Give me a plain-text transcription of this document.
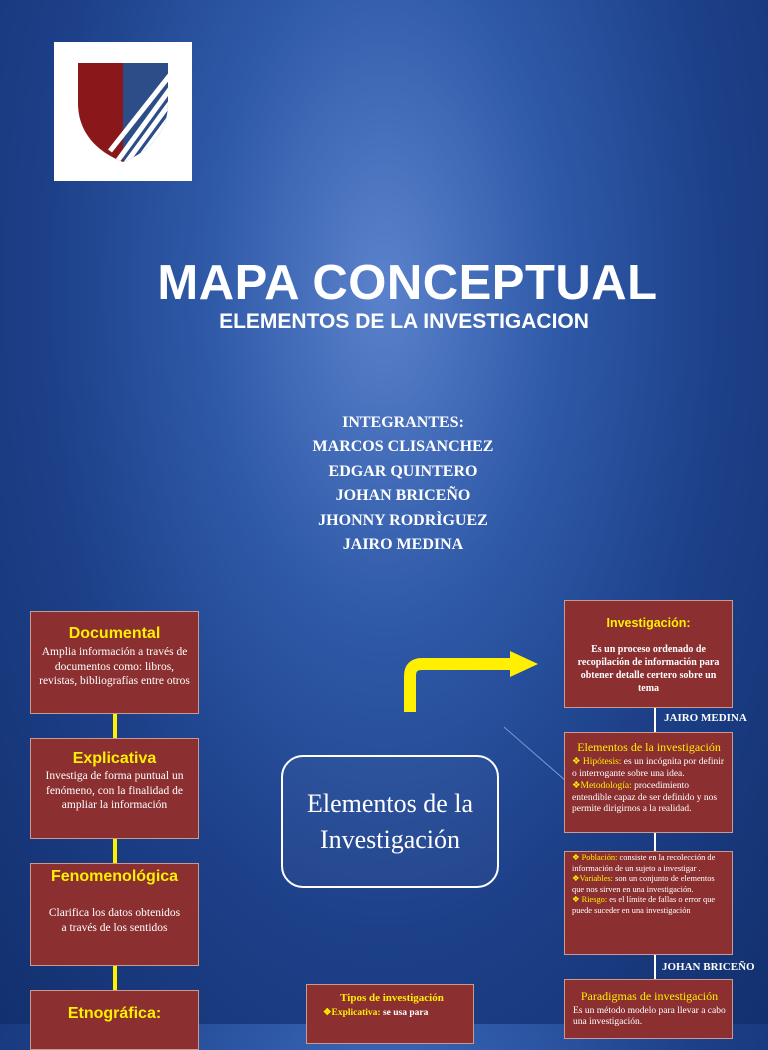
MAPA CONCEPTUAL
ELEMENTOS DE LA INVESTIGACION
INTEGRANTES:
MARCOS CLISANCHEZ
EDGAR QUINTERO
JOHAN BRICEÑO
JHONNY RODRÌGUEZ
JAIRO MEDINA
Documental
Amplia información a través de documentos como: libros, revistas, bibliografías entre otros
Explicativa
Investiga de forma puntual un fenómeno, con la finalidad de ampliar la información
Fenomenológica
Clarifica los datos obtenidos a través de los sentidos
Etnográfica:
Elementos de la
Investigación
Investigación:
Es un proceso ordenado de recopilación de información para obtener detalle certero sobre un tema
JAIRO MEDINA
Elementos de la investigación
❖ Hipótesis: es un incógnita por definir o interrogante sobre una idea.
❖Metodología: procedimiento entendible capaz de ser definido y nos permite dirigirnos a la realidad.
❖ Población: consiste en la recolección de información de un sujeto a investigar .
❖Variables: son un conjunto de elementos que nos sirven en una investigación.
❖ Riesgo: es el límite de fallas o error que puede suceder en una investigación
JOHAN BRICEÑO
Paradigmas de investigación
Es un método modelo para llevar a cabo una investigación.
Tipos de investigación
❖Explicativa: se usa para
